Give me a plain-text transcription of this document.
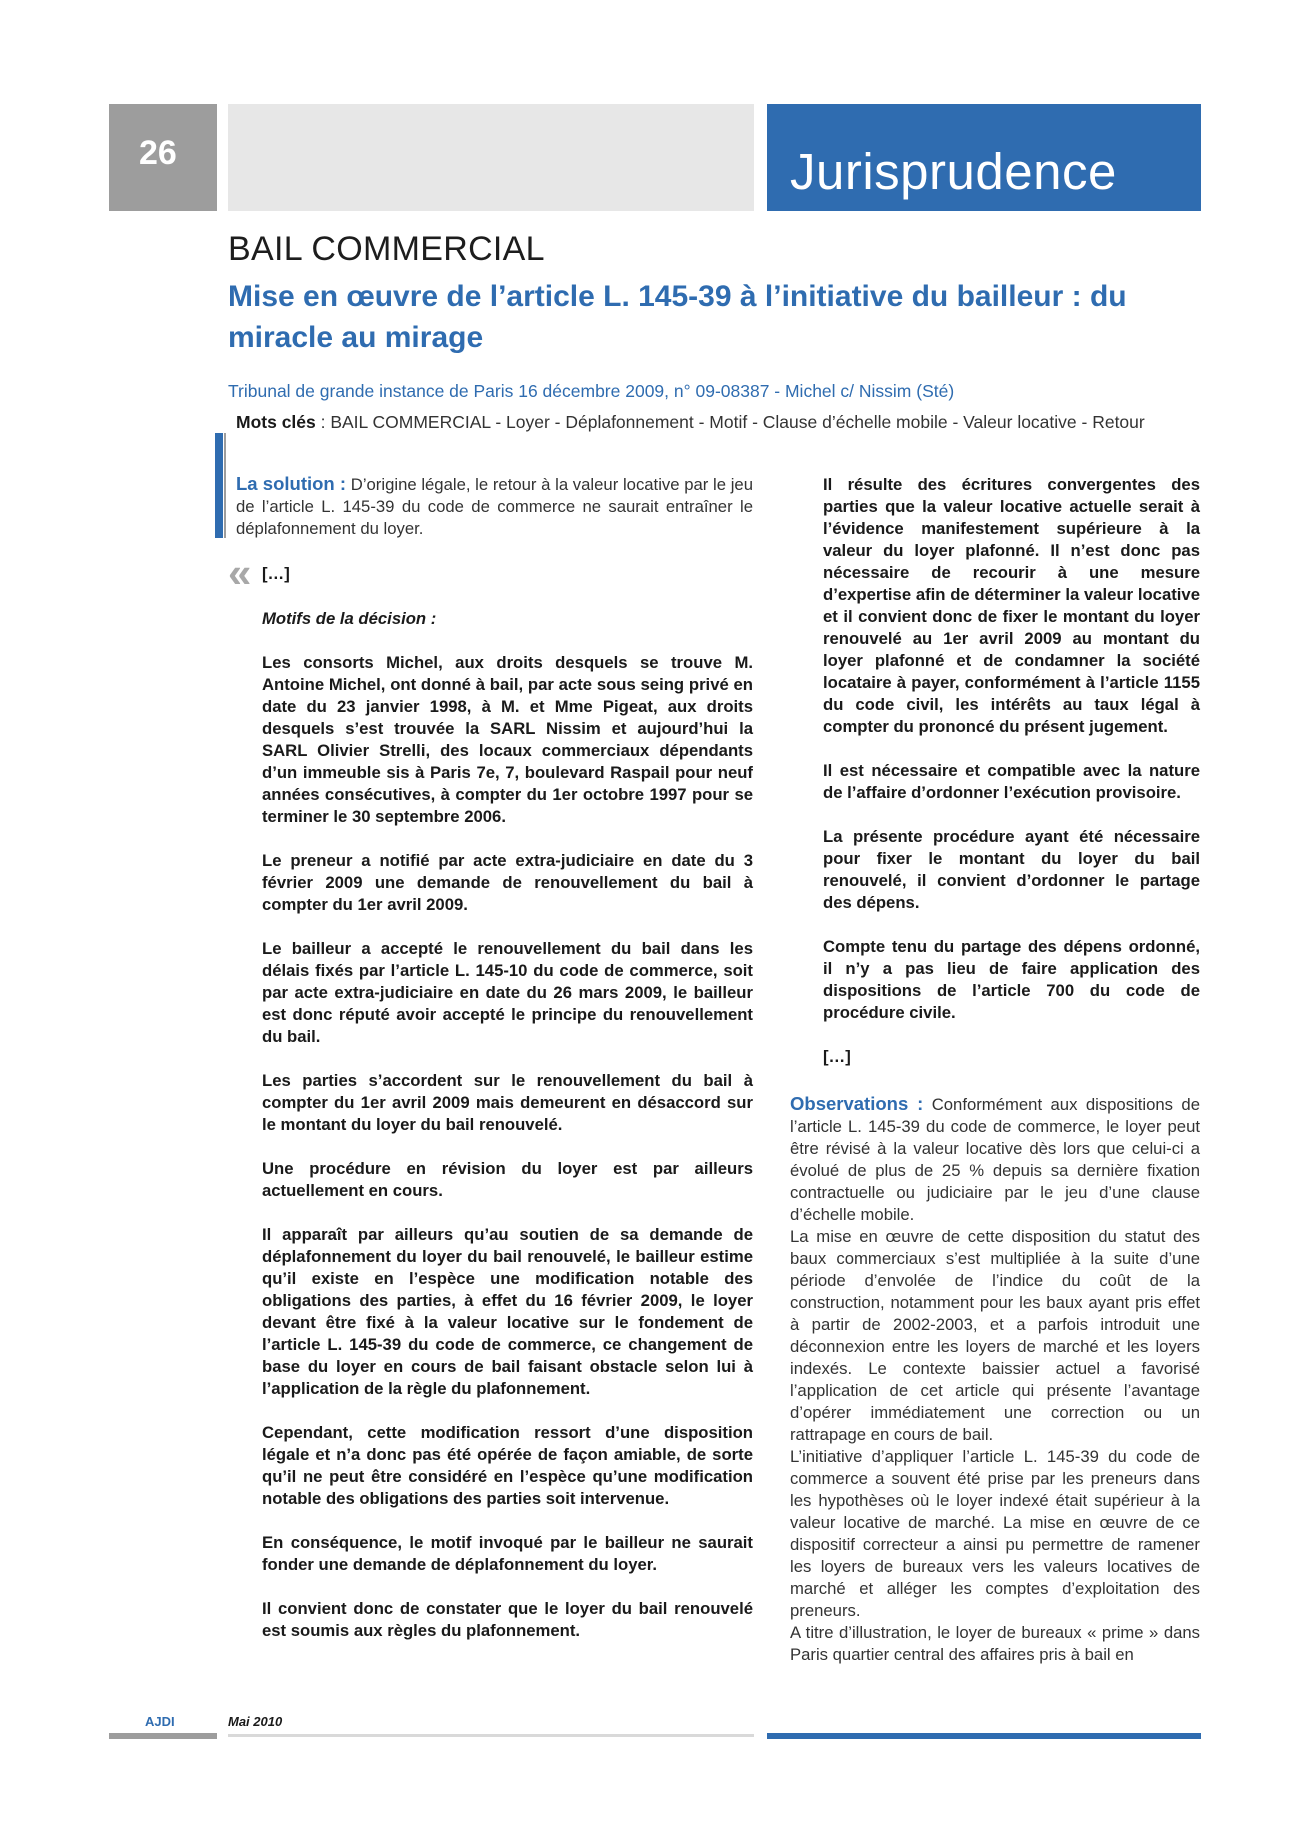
26	Jurisprudence
BAIL COMMERCIAL
Mise en œuvre de l’article L. 145-39 à l’initiative du bailleur : du miracle au mirage
Tribunal de grande instance de Paris 16 décembre 2009, n° 09-08387 - Michel c/ Nissim (Sté)
Mots clés : BAIL COMMERCIAL - Loyer - Déplafonnement - Motif - Clause d’échelle mobile - Valeur locative - Retour
La solution : D’origine légale, le retour à la valeur locative par le jeu de l’article L. 145-39 du code de commerce ne saurait entraîner le déplafonnement du loyer.
« […]

Motifs de la décision :

Les consorts Michel, aux droits desquels se trouve M. Antoine Michel, ont donné à bail, par acte sous seing privé en date du 23 janvier 1998, à M. et Mme Pigeat, aux droits desquels s’est trouvée la SARL Nissim et aujourd’hui la SARL Olivier Strelli, des locaux commerciaux dépendants d’un immeuble sis à Paris 7e, 7, boulevard Raspail pour neuf années consécutives, à compter du 1er octobre 1997 pour se terminer le 30 septembre 2006.

Le preneur a notifié par acte extra-judiciaire en date du 3 février 2009 une demande de renouvellement du bail à compter du 1er avril 2009.

Le bailleur a accepté le renouvellement du bail dans les délais fixés par l’article L. 145-10 du code de commerce, soit par acte extra-judiciaire en date du 26 mars 2009, le bailleur est donc réputé avoir accepté le principe du renouvellement du bail.

Les parties s’accordent sur le renouvellement du bail à compter du 1er avril 2009 mais demeurent en désaccord sur le montant du loyer du bail renouvelé.

Une procédure en révision du loyer est par ailleurs actuellement en cours.

Il apparaît par ailleurs qu’au soutien de sa demande de déplafonnement du loyer du bail renouvelé, le bailleur estime qu’il existe en l’espèce une modification notable des obligations des parties, à effet du 16 février 2009, le loyer devant être fixé à la valeur locative sur le fondement de l’article L. 145-39 du code de commerce, ce changement de base du loyer en cours de bail faisant obstacle selon lui à l’application de la règle du plafonnement.

Cependant, cette modification ressort d’une disposition légale et n’a donc pas été opérée de façon amiable, de sorte qu’il ne peut être considéré en l’espèce qu’une modification notable des obligations des parties soit intervenue.

En conséquence, le motif invoqué par le bailleur ne saurait fonder une demande de déplafonnement du loyer.

Il convient donc de constater que le loyer du bail renouvelé est soumis aux règles du plafonnement.

Il résulte des écritures convergentes des parties que la valeur locative actuelle serait à l’évidence manifestement supérieure à la valeur du loyer plafonné. Il n’est donc pas nécessaire de recourir à une mesure d’expertise afin de déterminer la valeur locative et il convient donc de fixer le montant du loyer renouvelé au 1er avril 2009 au montant du loyer plafonné et de condamner la société locataire à payer, conformément à l’article 1155 du code civil, les intérêts au taux légal à compter du prononcé du présent jugement.

Il est nécessaire et compatible avec la nature de l’affaire d’ordonner l’exécution provisoire.

La présente procédure ayant été nécessaire pour fixer le montant du loyer du bail renouvelé, il convient d’ordonner le partage des dépens.

Compte tenu du partage des dépens ordonné, il n’y a pas lieu de faire application des dispositions de l’article 700 du code de procédure civile.

[…]

Observations : Conformément aux dispositions de l’article L. 145-39 du code de commerce, le loyer peut être révisé à la valeur locative dès lors que celui-ci a évolué de plus de 25 % depuis sa dernière fixation contractuelle ou judiciaire par le jeu d’une clause d’échelle mobile.

La mise en œuvre de cette disposition du statut des baux commerciaux s’est multipliée à la suite d’une période d’envolée de l’indice du coût de la construction, notamment pour les baux ayant pris effet à partir de 2002-2003, et a parfois introduit une déconnexion entre les loyers de marché et les loyers indexés. Le contexte baissier actuel a favorisé l’application de cet article qui présente l’avantage d’opérer immédiatement une correction ou un rattrapage en cours de bail.

L’initiative d’appliquer l’article L. 145-39 du code de commerce a souvent été prise par les preneurs dans les hypothèses où le loyer indexé était supérieur à la valeur locative de marché. La mise en œuvre de ce dispositif correcteur a ainsi pu permettre de ramener les loyers de bureaux vers les valeurs locatives de marché et alléger les comptes d’exploitation des preneurs.

A titre d’illustration, le loyer de bureaux « prime » dans Paris quartier central des affaires pris à bail en

AJDI	Mai 2010
